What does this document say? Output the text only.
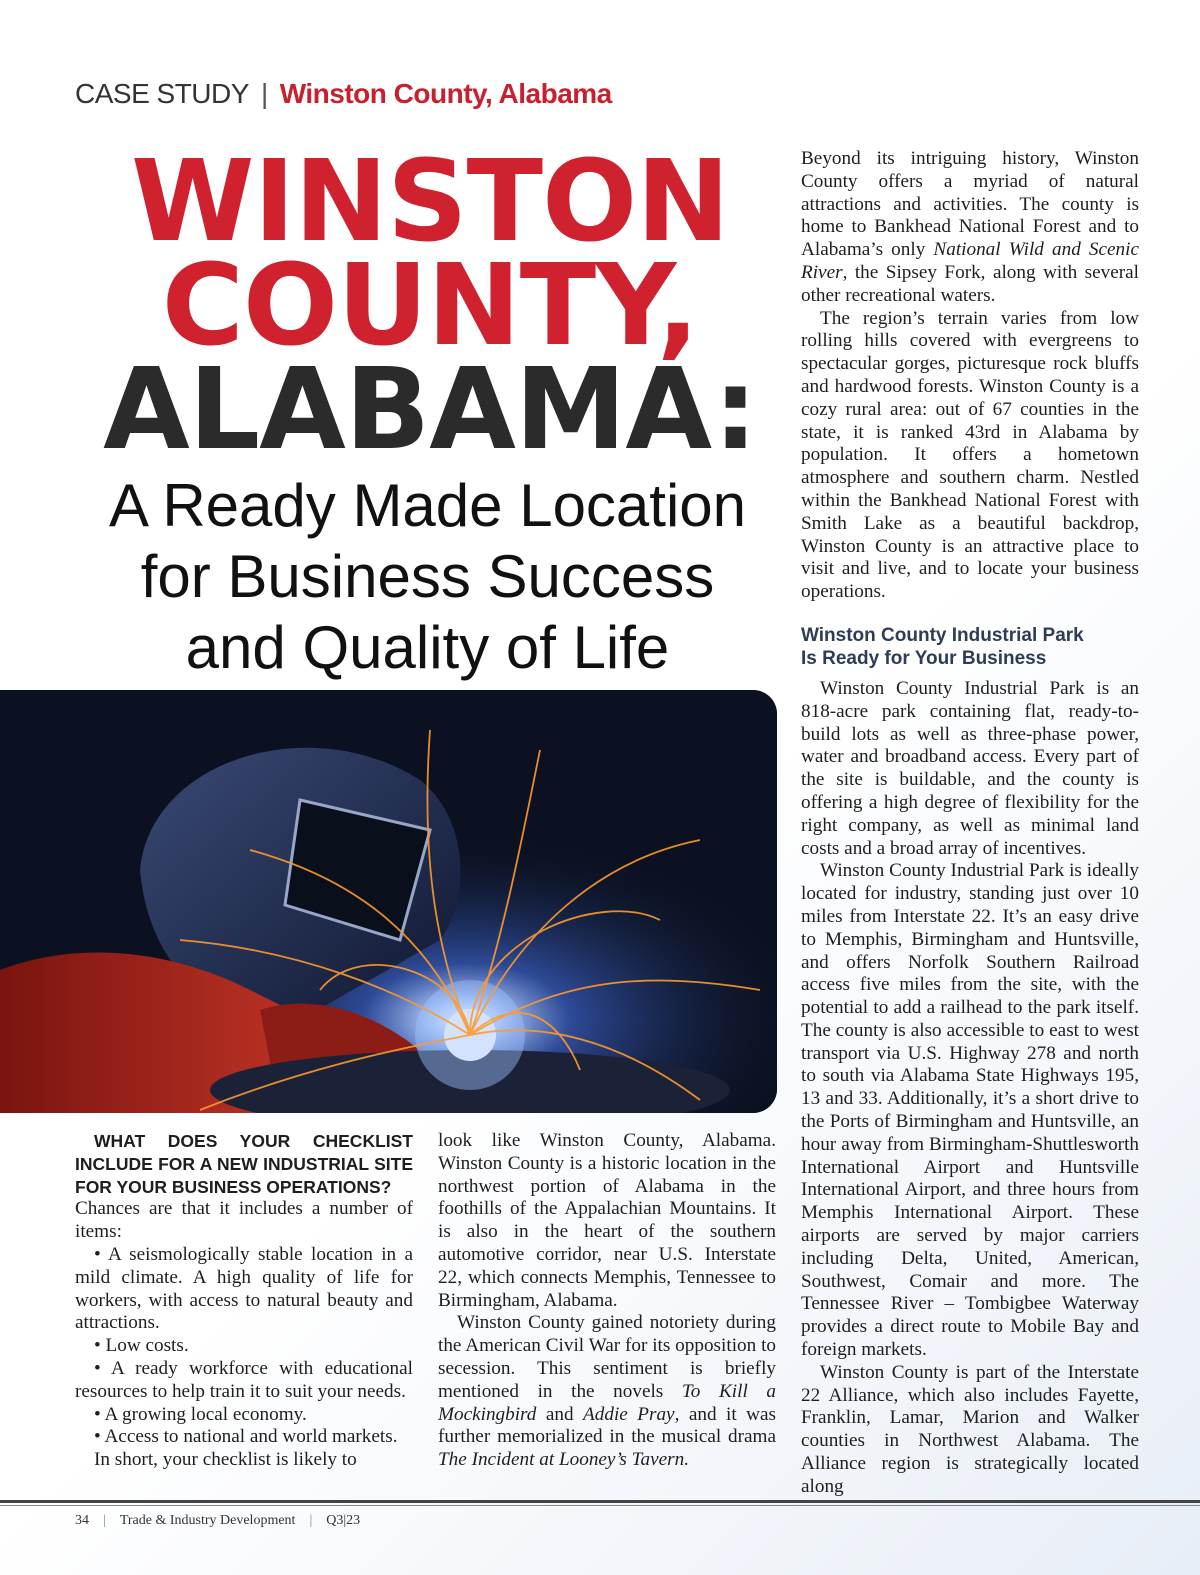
CASE STUDY | Winston County, Alabama
WINSTON
COUNTY,
ALABAMA:
A Ready Made Location
for Business Success
and Quality of Life

WHAT DOES YOUR CHECKLIST INCLUDE FOR A NEW INDUSTRIAL SITE FOR YOUR BUSINESS OPERATIONS?

Chances are that it includes a number of items:

• A seismologically stable location in a mild climate. A high quality of life for workers, with access to natural beauty and attractions.

• Low costs.

• A ready workforce with educational resources to help train it to suit your needs.

• A growing local economy.

• Access to national and world markets.

In short, your checklist is likely to

look like Winston County, Alabama. Winston County is a historic location in the northwest portion of Alabama in the foothills of the Appalachian Mountains. It is also in the heart of the southern automotive corridor, near U.S. Interstate 22, which connects Memphis, Tennessee to Birmingham, Alabama.

Winston County gained notoriety during the American Civil War for its opposition to secession. This sentiment is briefly mentioned in the novels To Kill a Mockingbird and Addie Pray, and it was further memorialized in the musical drama The Incident at Looney’s Tavern.

Beyond its intriguing history, Winston County offers a myriad of natural attractions and activities. The county is home to Bankhead National Forest and to Alabama’s only National Wild and Scenic River, the Sipsey Fork, along with several other recreational waters.

The region’s terrain varies from low rolling hills covered with evergreens to spectacular gorges, picturesque rock bluffs and hardwood forests. Winston County is a cozy rural area: out of 67 counties in the state, it is ranked 43rd in Alabama by population. It offers a hometown atmosphere and southern charm. Nestled within the Bankhead National Forest with Smith Lake as a beautiful backdrop, Winston County is an attractive place to visit and live, and to locate your business operations.

Winston County Industrial Park
Is Ready for Your Business

Winston County Industrial Park is an 818-acre park containing flat, ready-to-build lots as well as three-phase power, water and broadband access. Every part of the site is buildable, and the county is offering a high degree of flexibility for the right company, as well as minimal land costs and a broad array of incentives.

Winston County Industrial Park is ideally located for industry, standing just over 10 miles from Interstate 22. It’s an easy drive to Memphis, Birmingham and Huntsville, and offers Norfolk Southern Railroad access five miles from the site, with the potential to add a railhead to the park itself. The county is also accessible to east to west transport via U.S. Highway 278 and north to south via Alabama State Highways 195, 13 and 33. Additionally, it’s a short drive to the Ports of Birmingham and Huntsville, an hour away from Birmingham-Shuttlesworth International Airport and Huntsville International Airport, and three hours from Memphis International Airport. These airports are served by major carriers including Delta, United, American, Southwest, Comair and more. The Tennessee River – Tombigbee Waterway provides a direct route to Mobile Bay and foreign markets.

Winston County is part of the Interstate 22 Alliance, which also includes Fayette, Franklin, Lamar, Marion and Walker counties in Northwest Alabama. The Alliance region is strategically located along

34 | Trade & Industry Development | Q3|23
